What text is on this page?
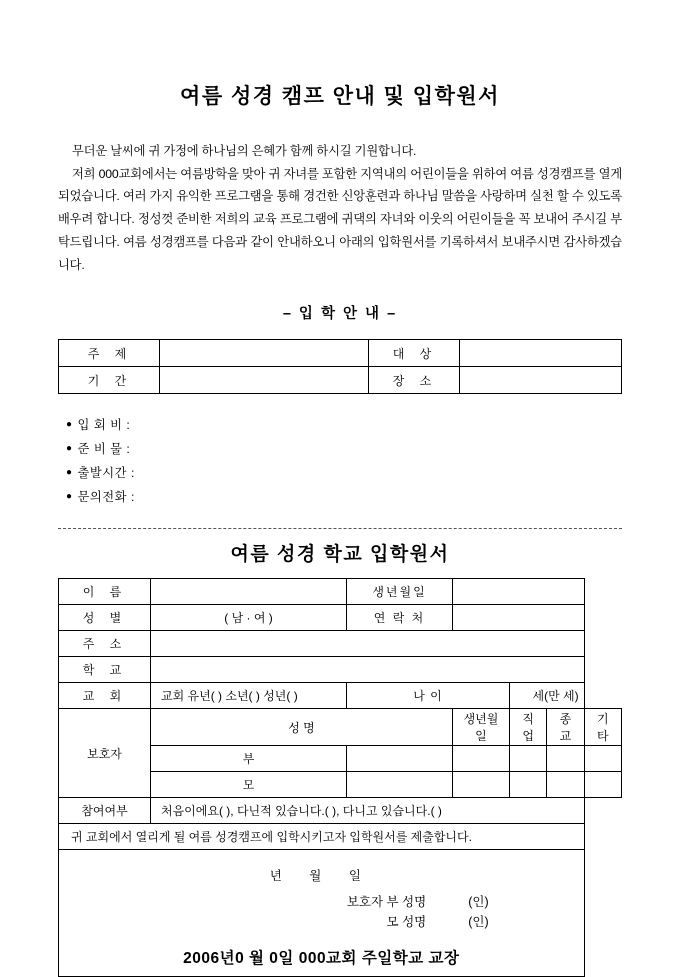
여름 성경 캠프 안내 및 입학원서

무더운 날씨에 귀 가정에 하나님의 은혜가 함께 하시길 기원합니다.

저희 000교회에서는 여름방학을 맞아 귀 자녀를 포함한 지역내의 어린이들을 위하여 여름 성경캠프를 열게 되었습니다. 여러 가지 유익한 프로그램을 통해 경건한 신앙훈련과 하나님 말씀을 사랑하며 실천 할 수 있도록 배우려 합니다. 정성껏 준비한 저희의 교육 프로그램에 귀댁의 자녀와 이웃의 어린이들을 꼭 보내어 주시길 부탁드립니다. 여름 성경캠프를 다음과 같이 안내하오니 아래의 입학원서를 기록하셔서 보내주시면 감사하겠습니다.

– 입 학 안 내 –
주 제		대 상	
기 간		장 소	
● 입 회 비 :
● 준 비 물 :
● 출발시간 :
● 문의전화 :
여름 성경 학교 입학원서
이 름		생년월일				
성 별	( 남 · 여 )	연 락 처				
주 소						
학 교						
교 회	교회 유년( ) 소년( ) 성년( )	나 이		세(만 세)		
보호자	성 명		생년월일	직 업	종 교	기 타
	부					
	모					
참여여부	처음이에요( ), 다닌적 있습니다.( ), 다니고 있습니다.( )					
귀 교회에서 열리게 될 여름 성경캠프에 입학시키고자 입학원서를 제출합니다.						

년 월 일
보호자 부 성명 (인)
모 성명 (인)
2006년0 월 0일 000교회 주일학교 교장						
